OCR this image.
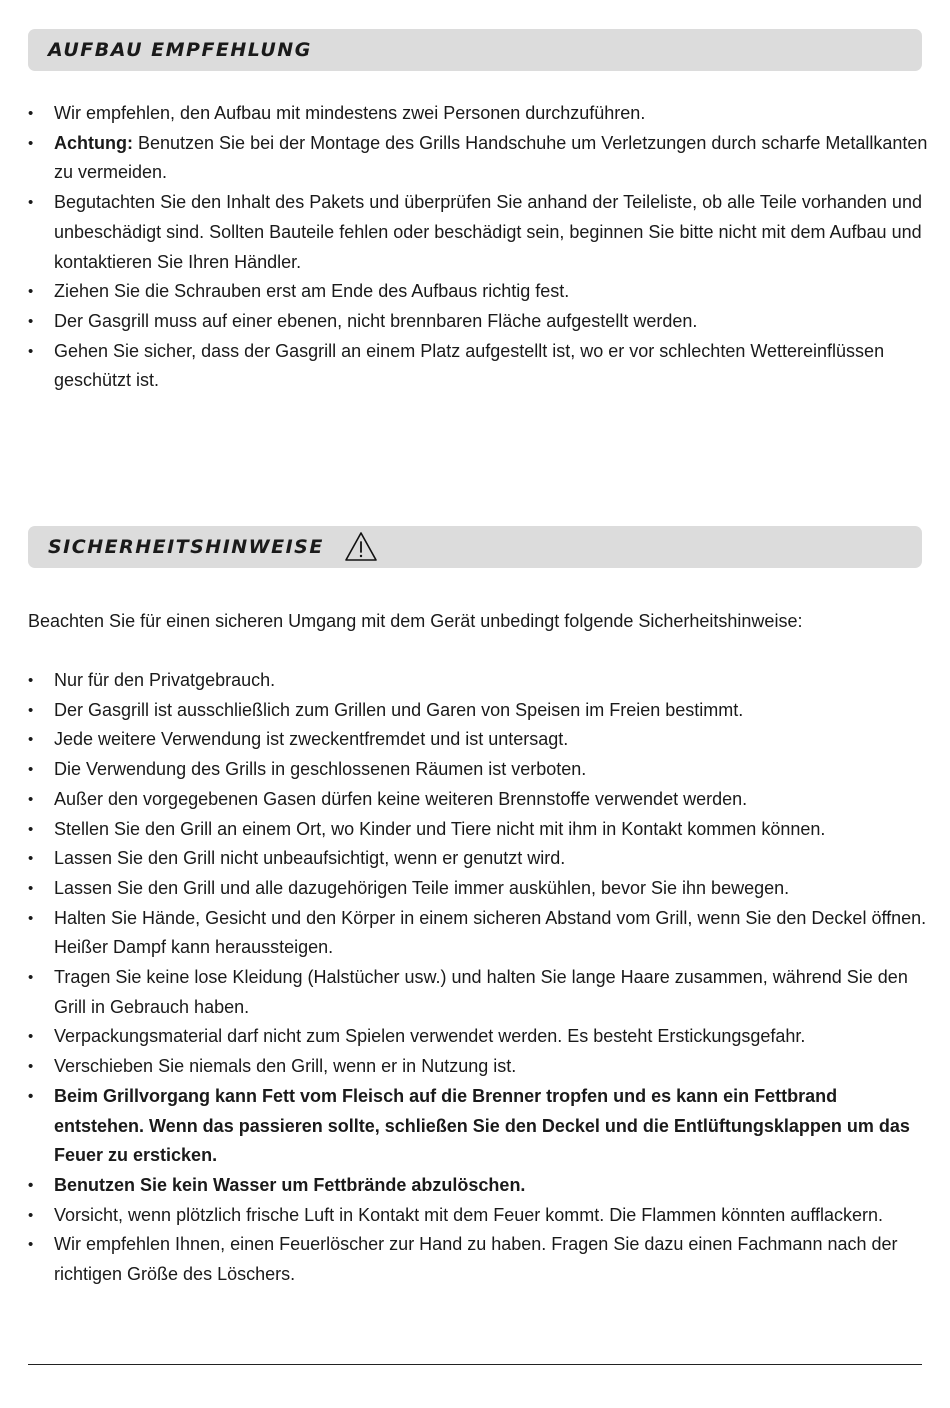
AUFBAU EMPFEHLUNG
• Wir empfehlen, den Aufbau mit mindestens zwei Personen durchzuführen.
• Achtung: Benutzen Sie bei der Montage des Grills Handschuhe um Verletzungen durch scharfe Metallkanten zu vermeiden.
• Begutachten Sie den Inhalt des Pakets und überprüfen Sie anhand der Teileliste, ob alle Teile vorhanden und unbeschädigt sind. Sollten Bauteile fehlen oder beschädigt sein, beginnen Sie bitte nicht mit dem Aufbau und kontaktieren Sie Ihren Händler.
• Ziehen Sie die Schrauben erst am Ende des Aufbaus richtig fest.
• Der Gasgrill muss auf einer ebenen, nicht brennbaren Fläche aufgestellt werden.
• Gehen Sie sicher, dass der Gasgrill an einem Platz aufgestellt ist, wo er vor schlechten Wettereinflüssen geschützt ist.
SICHERHEITSHINWEISE

Beachten Sie für einen sicheren Umgang mit dem Gerät unbedingt folgende Sicherheitshinweise:

• Nur für den Privatgebrauch.
• Der Gasgrill ist ausschließlich zum Grillen und Garen von Speisen im Freien bestimmt.
• Jede weitere Verwendung ist zweckentfremdet und ist untersagt.
• Die Verwendung des Grills in geschlossenen Räumen ist verboten.
• Außer den vorgegebenen Gasen dürfen keine weiteren Brennstoffe verwendet werden.
• Stellen Sie den Grill an einem Ort, wo Kinder und Tiere nicht mit ihm in Kontakt kommen können.
• Lassen Sie den Grill nicht unbeaufsichtigt, wenn er genutzt wird.
• Lassen Sie den Grill und alle dazugehörigen Teile immer auskühlen, bevor Sie ihn bewegen.
• Halten Sie Hände, Gesicht und den Körper in einem sicheren Abstand vom Grill, wenn Sie den Deckel öffnen. Heißer Dampf kann heraussteigen.
• Tragen Sie keine lose Kleidung (Halstücher usw.) und halten Sie lange Haare zusammen, während Sie den Grill in Gebrauch haben.
• Verpackungsmaterial darf nicht zum Spielen verwendet werden. Es besteht Erstickungsgefahr.
• Verschieben Sie niemals den Grill, wenn er in Nutzung ist.
• Beim Grillvorgang kann Fett vom Fleisch auf die Brenner tropfen und es kann ein Fettbrand entstehen. Wenn das passieren sollte, schließen Sie den Deckel und die Entlüftungsklappen um das Feuer zu ersticken.
• Benutzen Sie kein Wasser um Fettbrände abzulöschen.
• Vorsicht, wenn plötzlich frische Luft in Kontakt mit dem Feuer kommt. Die Flammen könnten aufflackern.
• Wir empfehlen Ihnen, einen Feuerlöscher zur Hand zu haben. Fragen Sie dazu einen Fachmann nach der richtigen Größe des Löschers.
